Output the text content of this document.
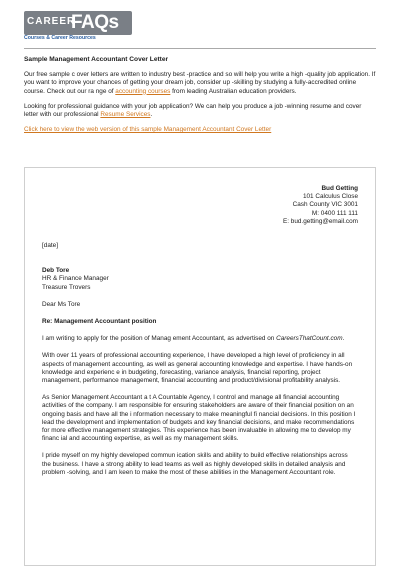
CAREER
FAQs
Courses & Career Resources
Sample Management Accountant Cover Letter

Our free sample c over letters are written to industry best -practice and so will help you write a high -quality job application. If you want to improve your chances of getting your dream job, consider up -skilling by studying a fully-accredited online course. Check out our ra nge of accounting courses from leading Australian education providers.

Looking for professional guidance with your job application? We can help you produce a job -winning resume and cover letter with our professional Resume Services.

Click here to view the web version of this sample Management Accountant Cover Letter

Bud Getting
101 Calculus Close
Cash County VIC 3001
M: 0400 111 111
E: bud.getting@email.com
[date]
Deb Tore
HR & Finance Manager
Treasure Trovers
Dear Ms Tore
Re: Management Accountant position

I am writing to apply for the position of Manag ement Accountant, as advertised on CareersThatCount.com.

With over 11 years of professional accounting experience, I have developed a high level of proficiency in all aspects of management accounting, as well as general accounting knowledge and expertise. I have hands-on knowledge and experienc e in budgeting, forecasting, variance analysis, financial reporting, project management, performance management, financial accounting and product/divisional profitability analysis.

As Senior Management Accountant a t A Countable Agency, I control and manage all financial accounting activities of the company. I am responsible for ensuring stakeholders are aware of their financial position on an ongoing basis and have all the i nformation necessary to make meaningful fi nancial decisions. In this position I lead the development and implementation of budgets and key financial decisions, and make recommendations for more effective management strategies. This experience has been invaluable in allowing me to develop my financ ial and accounting expertise, as well as my management skills.

I pride myself on my highly developed commun ication skills and ability to build effective relationships across the business. I have a strong ability to lead teams as well as highly developed skills in detailed analysis and problem -solving, and I am keen to make the most of these abilities in the Management Accountant role.
